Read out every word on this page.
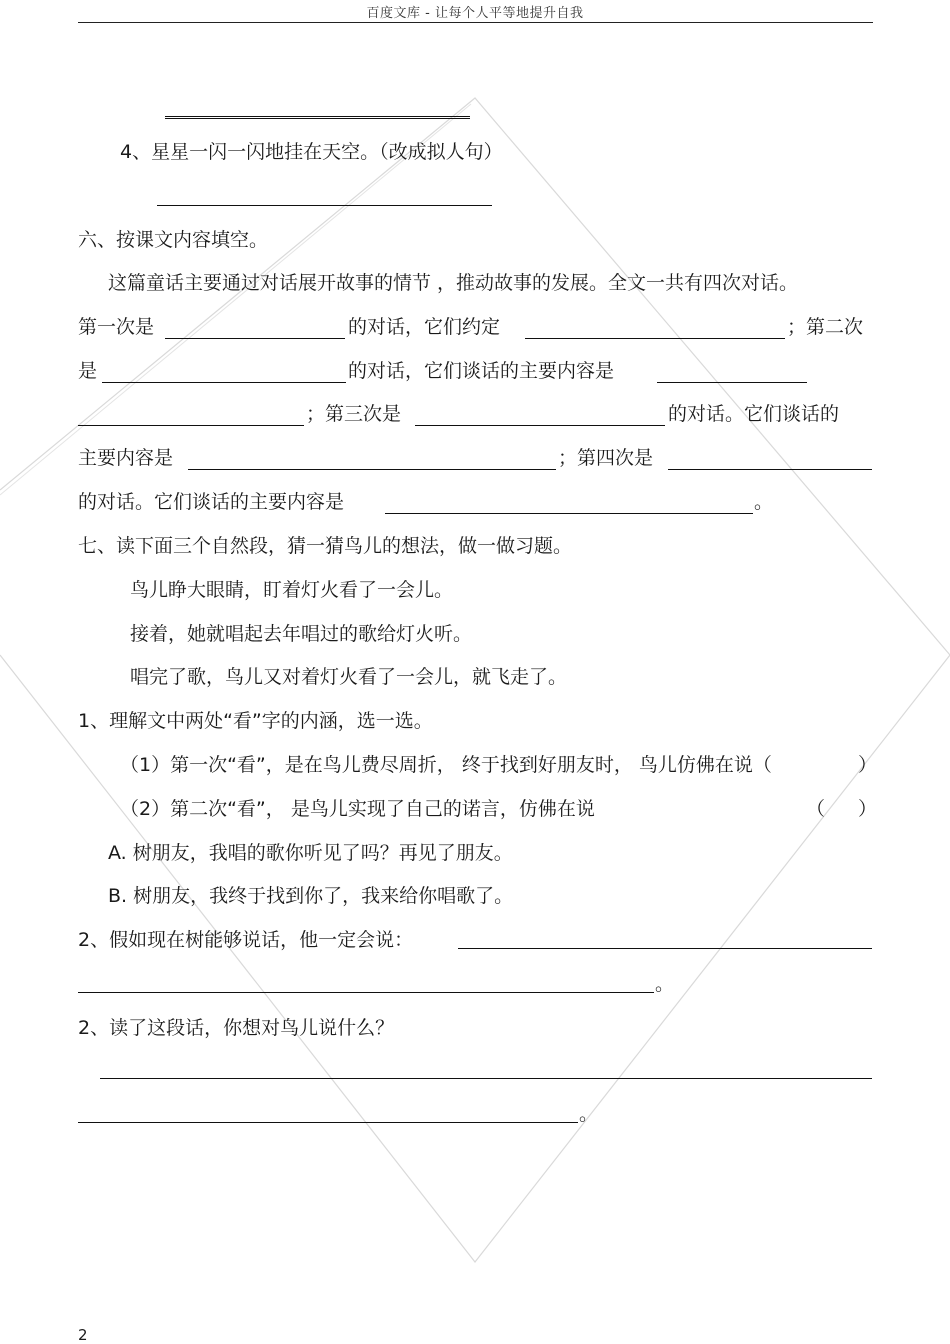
百度文库 - 让每个人平等地提升自我
4、星星一闪一闪地挂在天空。（改成拟人句）
六、按课文内容填空。
这篇童话主要通过对话展开故事的情节 ，推动故事的发展。全文一共有四次对话。
第一次是	的对话，它们约定	；第二次
是	的对话，它们谈话的主要内容是
；第三次是	的对话。它们谈话的
主要内容是	；第四次是
的对话。它们谈话的主要内容是	。
七、读下面三个自然段，猜一猜鸟儿的想法，做一做习题。
鸟儿睁大眼睛，盯着灯火看了一会儿。
接着，她就唱起去年唱过的歌给灯火听。
唱完了歌，鸟儿又对着灯火看了一会儿，就飞走了。
1、理解文中两处“看”字的内涵，选一选。
（1）第一次“看”，是在鸟儿费尽周折， 终于找到好朋友时， 鸟儿仿佛在说（	）
（2）第二次“看”， 是鸟儿实现了自己的诺言，仿佛在说	（ ）
A. 树朋友，我唱的歌你听见了吗？再见了朋友。
B. 树朋友，我终于找到你了，我来给你唱歌了。
2、假如现在树能够说话，他一定会说：
。
2、读了这段话，你想对鸟儿说什么？
。
2
